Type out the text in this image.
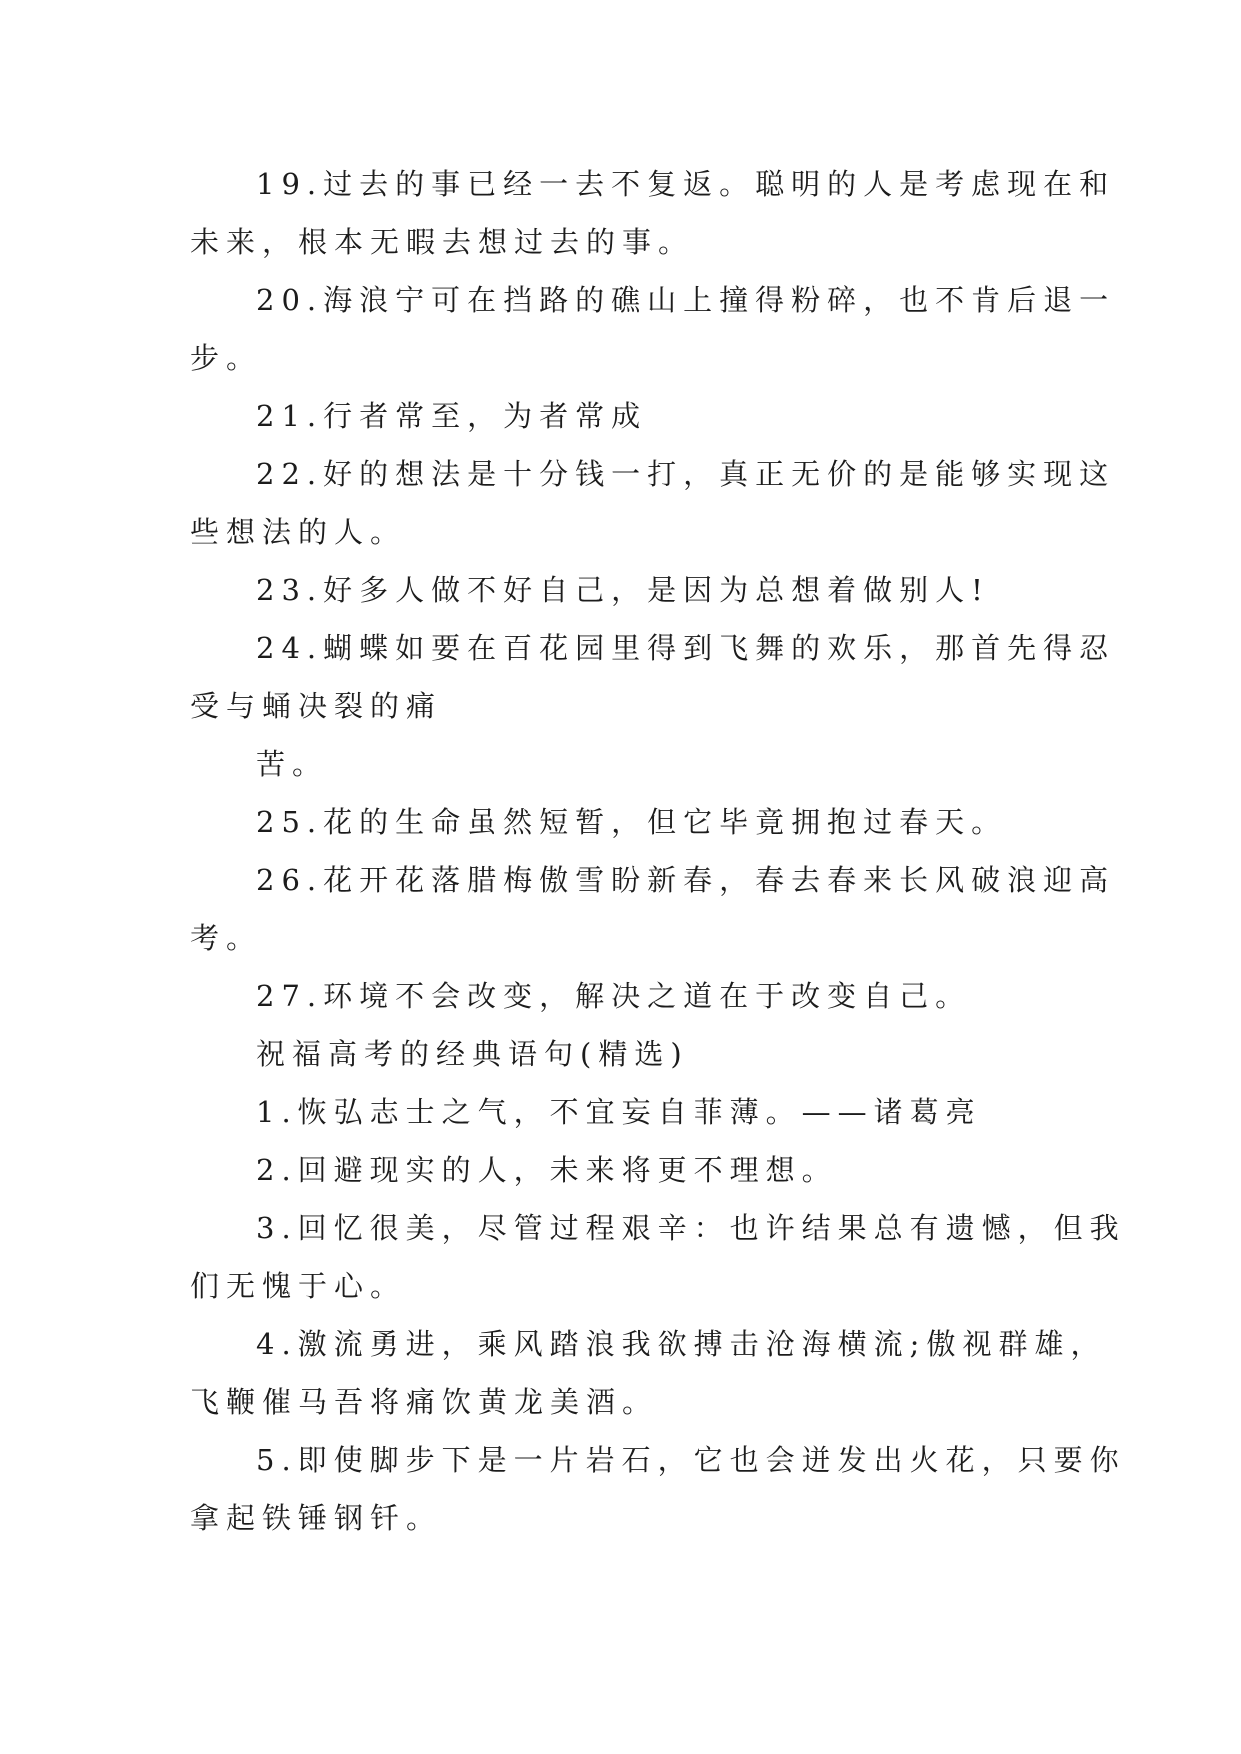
19.过去的事已经一去不复返。聪明的人是考虑现在和
未来，根本无暇去想过去的事。
20.海浪宁可在挡路的礁山上撞得粉碎，也不肯后退一
步。
21.行者常至，为者常成
22.好的想法是十分钱一打，真正无价的是能够实现这
些想法的人。
23.好多人做不好自己，是因为总想着做别人!
24.蝴蝶如要在百花园里得到飞舞的欢乐，那首先得忍
受与蛹决裂的痛
苦。
25.花的生命虽然短暂，但它毕竟拥抱过春天。
26.花开花落腊梅傲雪盼新春，春去春来长风破浪迎高
考。
27.环境不会改变，解决之道在于改变自己。
祝福高考的经典语句(精选)
1.恢弘志士之气，不宜妄自菲薄。——诸葛亮
2.回避现实的人，未来将更不理想。
3.回忆很美，尽管过程艰辛：也许结果总有遗憾，但我
们无愧于心。
4.激流勇进，乘风踏浪我欲搏击沧海横流;傲视群雄，
飞鞭催马吾将痛饮黄龙美酒。
5.即使脚步下是一片岩石，它也会迸发出火花，只要你
拿起铁锤钢钎。
